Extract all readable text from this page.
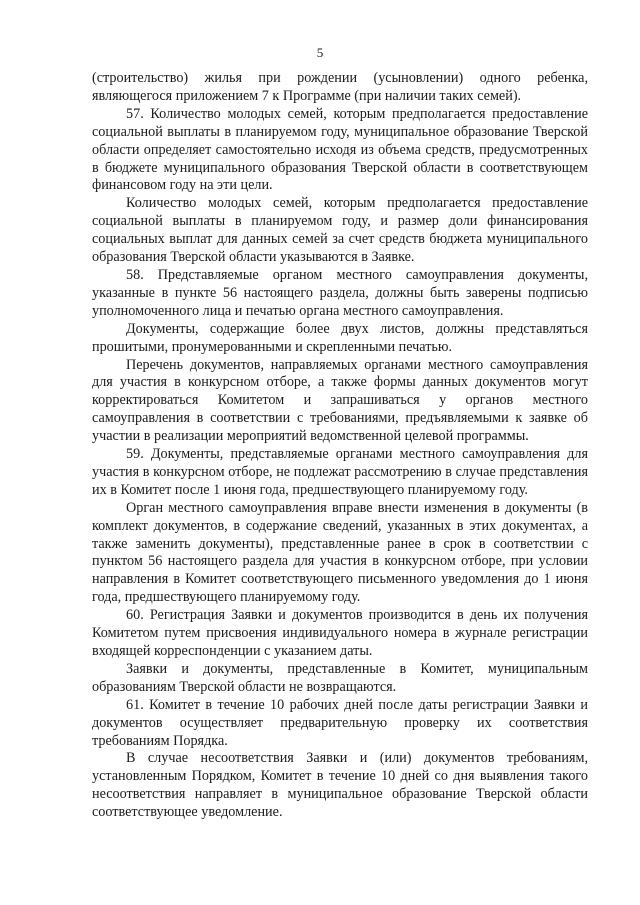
5

(строительство) жилья при рождении (усыновлении) одного ребенка, являющегося приложением 7 к Программе (при наличии таких семей).

57. Количество молодых семей, которым предполагается предоставление социальной выплаты в планируемом году, муниципальное образование Тверской области определяет самостоятельно исходя из объема средств, предусмотренных в бюджете муниципального образования Тверской области в соответствующем финансовом году на эти цели.

Количество молодых семей, которым предполагается предоставление социальной выплаты в планируемом году, и размер доли финансирования социальных выплат для данных семей за счет средств бюджета муниципального образования Тверской области указываются в Заявке.

58. Представляемые органом местного самоуправления документы, указанные в пункте 56 настоящего раздела, должны быть заверены подписью уполномоченного лица и печатью органа местного самоуправления.

Документы, содержащие более двух листов, должны представляться прошитыми, пронумерованными и скрепленными печатью.

Перечень документов, направляемых органами местного самоуправления для участия в конкурсном отборе, а также формы данных документов могут корректироваться Комитетом и запрашиваться у органов местного самоуправления в соответствии с требованиями, предъявляемыми к заявке об участии в реализации мероприятий ведомственной целевой программы.

59. Документы, представляемые органами местного самоуправления для участия в конкурсном отборе, не подлежат рассмотрению в случае представления их в Комитет после 1 июня года, предшествующего планируемому году.

Орган местного самоуправления вправе внести изменения в документы (в комплект документов, в содержание сведений, указанных в этих документах, а также заменить документы), представленные ранее в срок в соответствии с пунктом 56 настоящего раздела для участия в конкурсном отборе, при условии направления в Комитет соответствующего письменного уведомления до 1 июня года, предшествующего планируемому году.

60. Регистрация Заявки и документов производится в день их получения Комитетом путем присвоения индивидуального номера в журнале регистрации входящей корреспонденции с указанием даты.

Заявки и документы, представленные в Комитет, муниципальным образованиям Тверской области не возвращаются.

61. Комитет в течение 10 рабочих дней после даты регистрации Заявки и документов осуществляет предварительную проверку их соответствия требованиям Порядка.

В случае несоответствия Заявки и (или) документов требованиям, установленным Порядком, Комитет в течение 10 дней со дня выявления такого несоответствия направляет в муниципальное образование Тверской области соответствующее уведомление.
